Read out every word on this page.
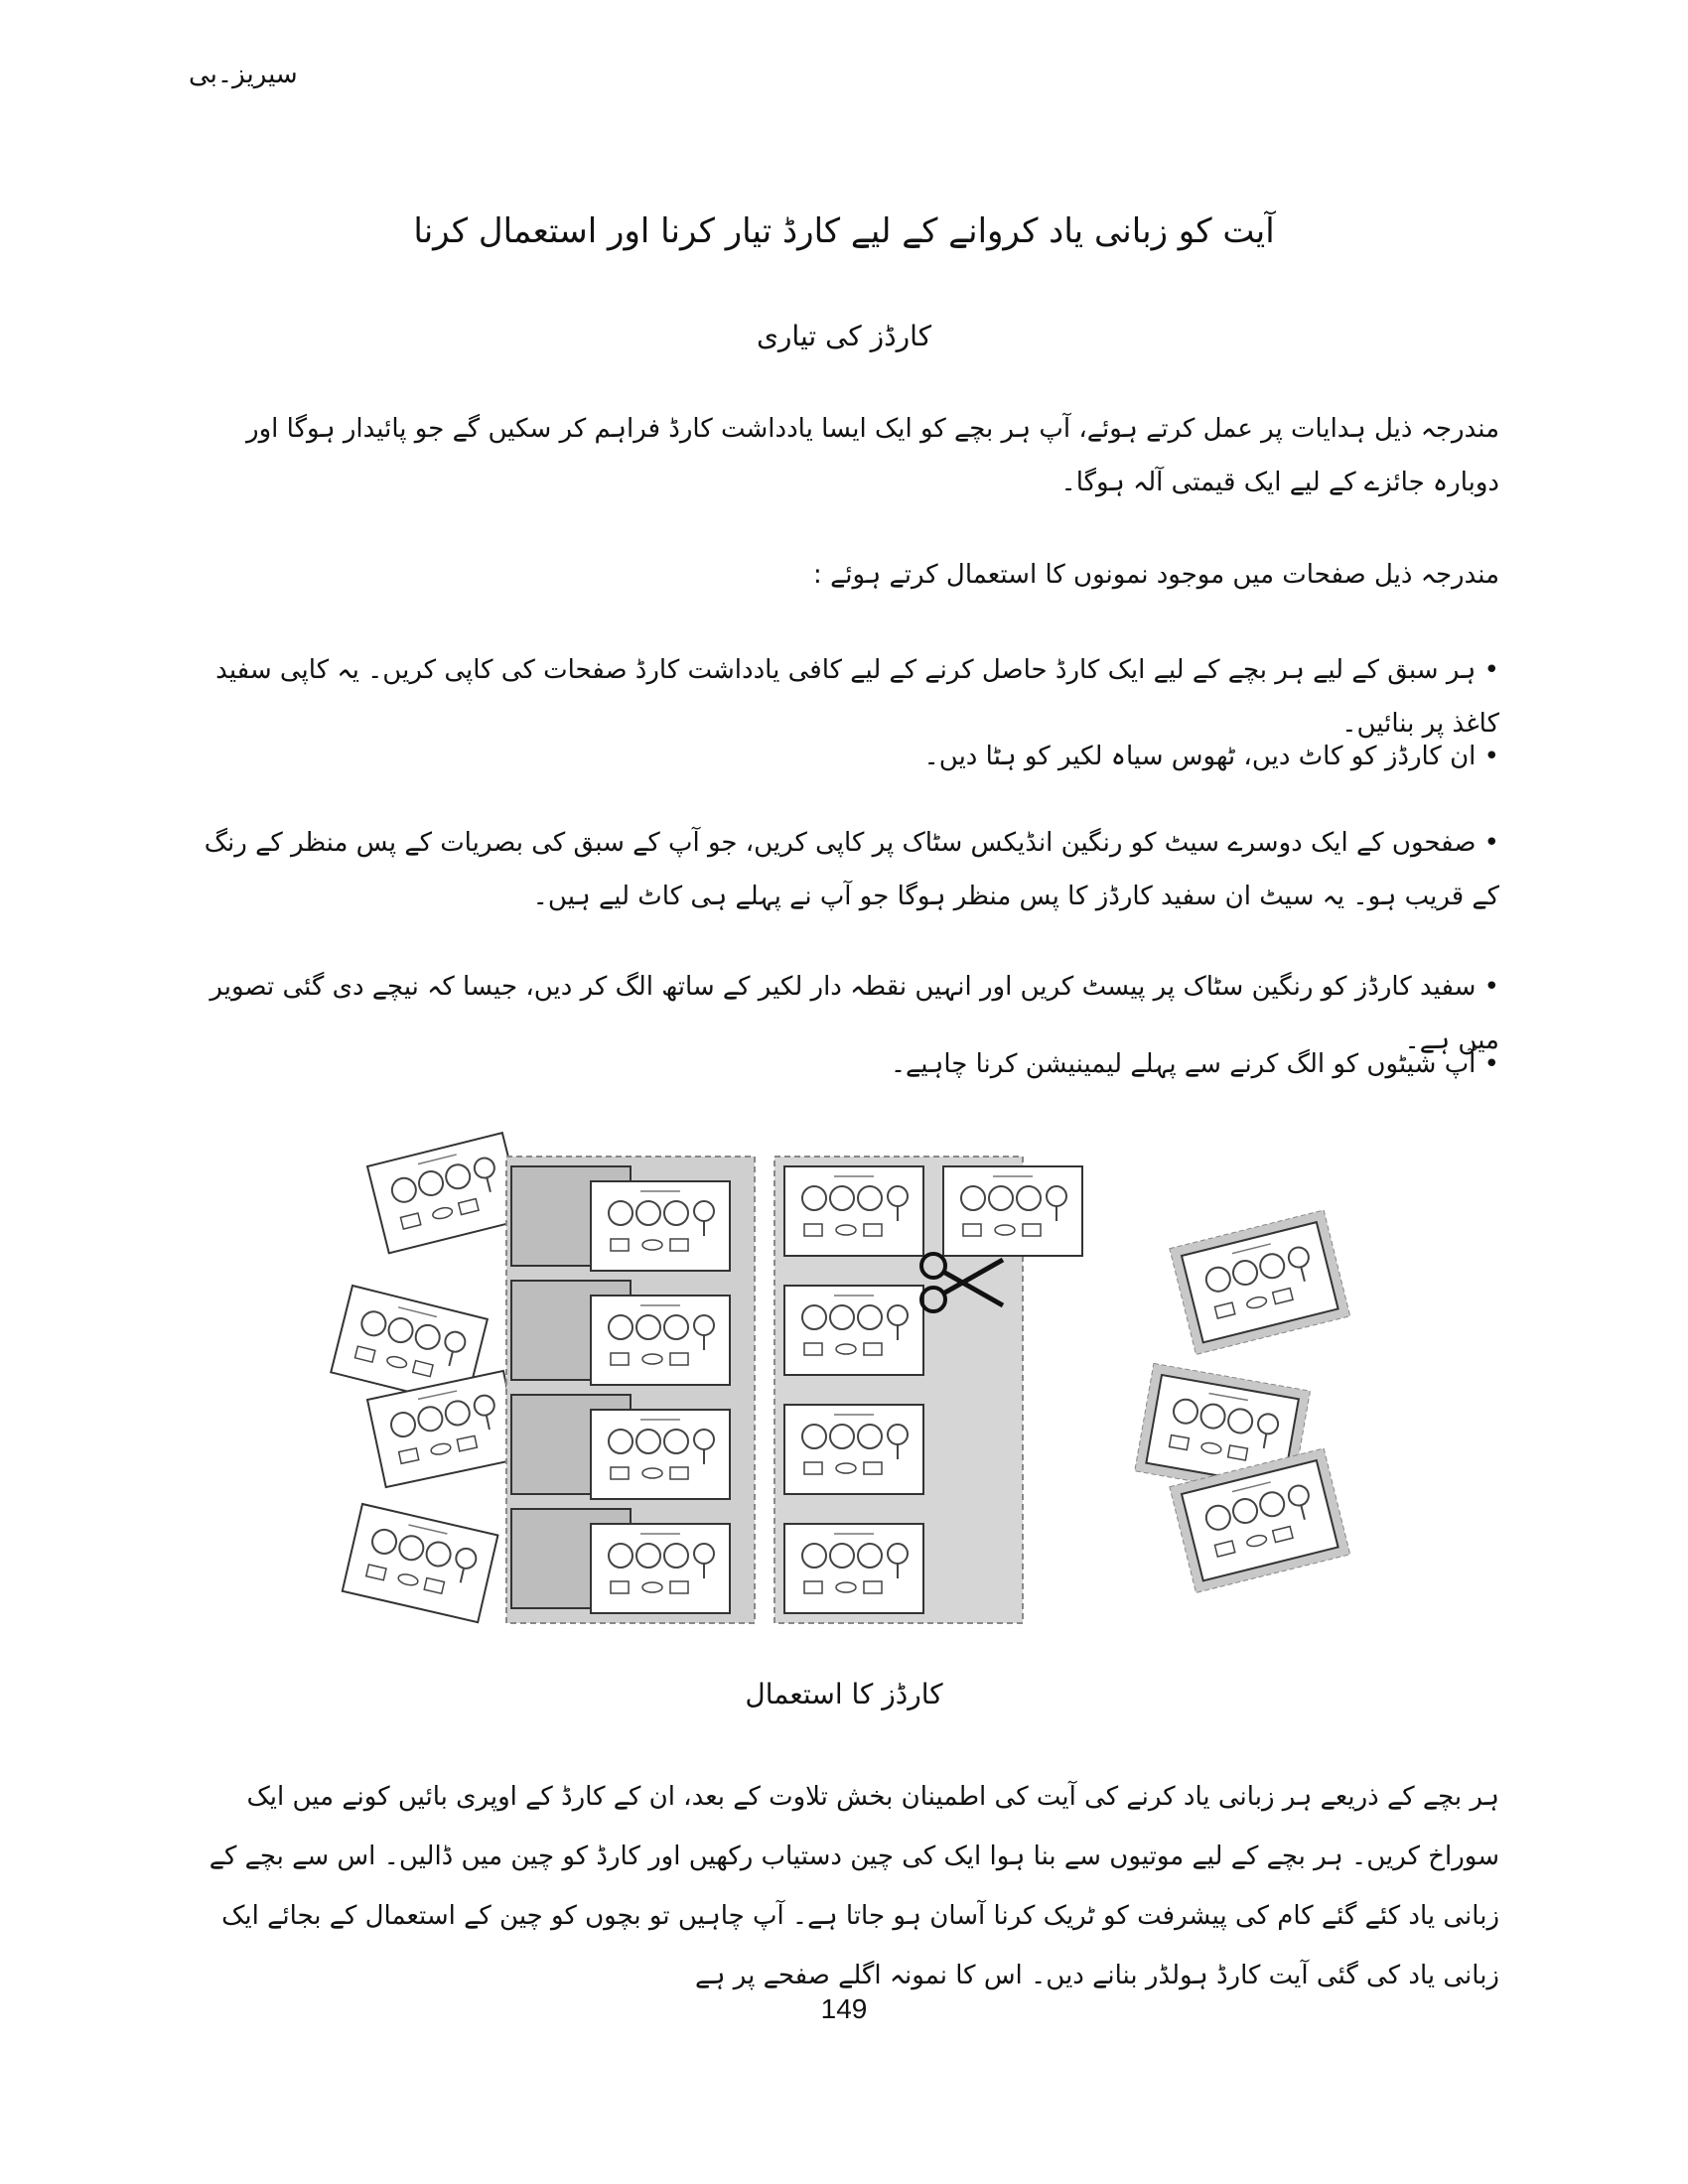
سیریز۔بی
آیت کو زبانی یاد کروانے کے لیے کارڈ تیار کرنا اور استعمال کرنا
کارڈز کی تیاری
مندرجہ ذیل ہدایات پر عمل کرتے ہوئے، آپ ہر بچے کو ایک ایسا یادداشت کارڈ فراہم کر سکیں گے جو پائیدار ہوگا اور دوبارہ جائزے کے لیے ایک قیمتی آلہ ہوگا۔
مندرجہ ذیل صفحات میں موجود نمونوں کا استعمال کرتے ہوئے :
• ہر سبق کے لیے ہر بچے کے لیے ایک کارڈ حاصل کرنے کے لیے کافی یادداشت کارڈ صفحات کی کاپی کریں۔ یہ کاپی سفید کاغذ پر بنائیں۔
• ان کارڈز کو کاٹ دیں، ٹھوس سیاہ لکیر کو ہٹا دیں۔
• صفحوں کے ایک دوسرے سیٹ کو رنگین انڈیکس سٹاک پر کاپی کریں، جو آپ کے سبق کی بصریات کے پس منظر کے رنگ کے قریب ہو۔ یہ سیٹ ان سفید کارڈز کا پس منظر ہوگا جو آپ نے پہلے ہی کاٹ لیے ہیں۔
• سفید کارڈز کو رنگین سٹاک پر پیسٹ کریں اور انہیں نقطہ دار لکیر کے ساتھ الگ کر دیں، جیسا کہ نیچے دی گئی تصویر میں ہے۔
• آپ شیٹوں کو الگ کرنے سے پہلے لیمینیشن کرنا چاہیے۔
کارڈز کا استعمال
ہر بچے کے ذریعے ہر زبانی یاد کرنے کی آیت کی اطمینان بخش تلاوت کے بعد، ان کے کارڈ کے اوپری بائیں کونے میں ایک سوراخ کریں۔ ہر بچے کے لیے موتیوں سے بنا ہوا ایک کی چین دستیاب رکھیں اور کارڈ کو چین میں ڈالیں۔ اس سے بچے کے زبانی یاد کئے گئے کام کی پیشرفت کو ٹریک کرنا آسان ہو جاتا ہے۔ آپ چاہیں تو بچوں کو چین کے استعمال کے بجائے ایک زبانی یاد کی گئی آیت کارڈ ہولڈر بنانے دیں۔ اس کا نمونہ اگلے صفحے پر ہے
149
